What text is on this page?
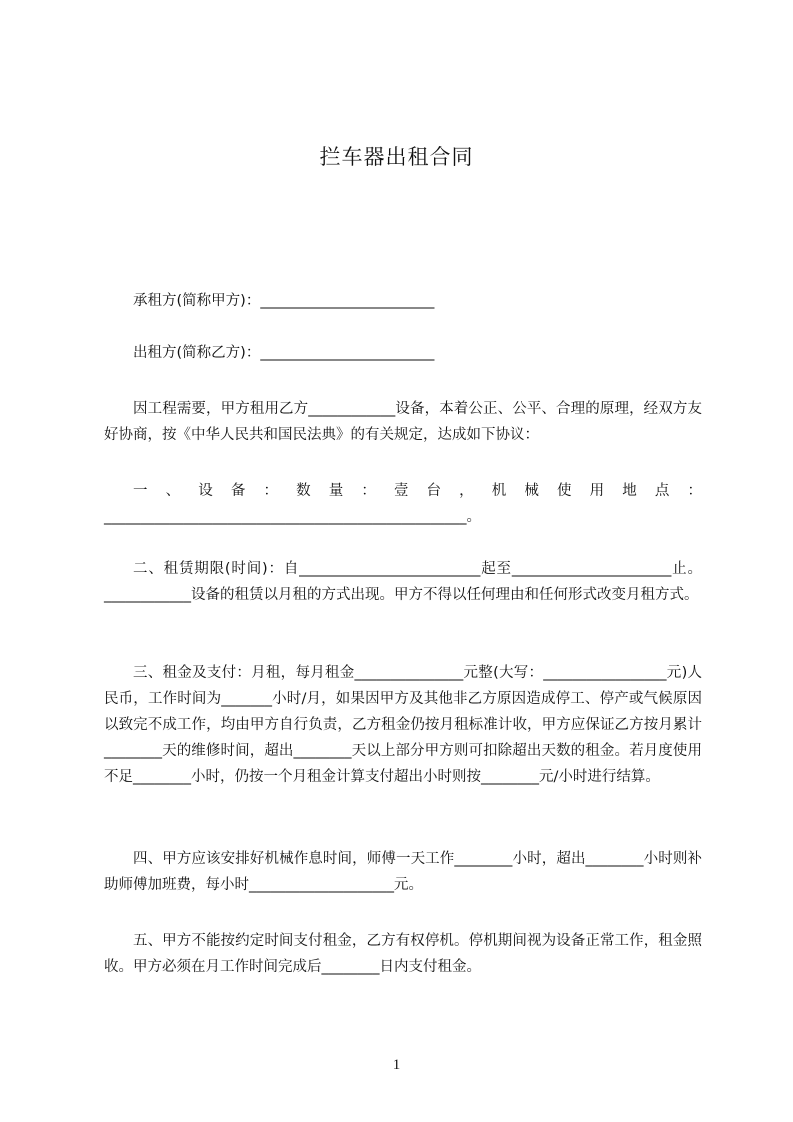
拦车器出租合同

承租方(简称甲方)：________________________

出租方(简称乙方)：________________________

因工程需要，甲方租用乙方____________设备，本着公正、公平、合理的原理，经双方友好协商，按《中华人民共和国民法典》的有关规定，达成如下协议：

一、设备：数量：壹台，机械使用地点：__________________________________________________。

二、租赁期限(时间)：自_________________________起至______________________止。____________设备的租赁以月租的方式出现。甲方不得以任何理由和任何形式改变月租方式。

三、租金及支付：月租，每月租金_______________元整(大写：_________________元)人民币，工作时间为_______小时/月，如果因甲方及其他非乙方原因造成停工、停产或气候原因以致完不成工作，均由甲方自行负责，乙方租金仍按月租标准计收，甲方应保证乙方按月累计________天的维修时间，超出________天以上部分甲方则可扣除超出天数的租金。若月度使用不足________小时，仍按一个月租金计算支付超出小时则按________元/小时进行结算。

四、甲方应该安排好机械作息时间，师傅一天工作________小时，超出________小时则补助师傅加班费，每小时____________________元。

五、甲方不能按约定时间支付租金，乙方有权停机。停机期间视为设备正常工作，租金照收。甲方必须在月工作时间完成后________日内支付租金。

1
